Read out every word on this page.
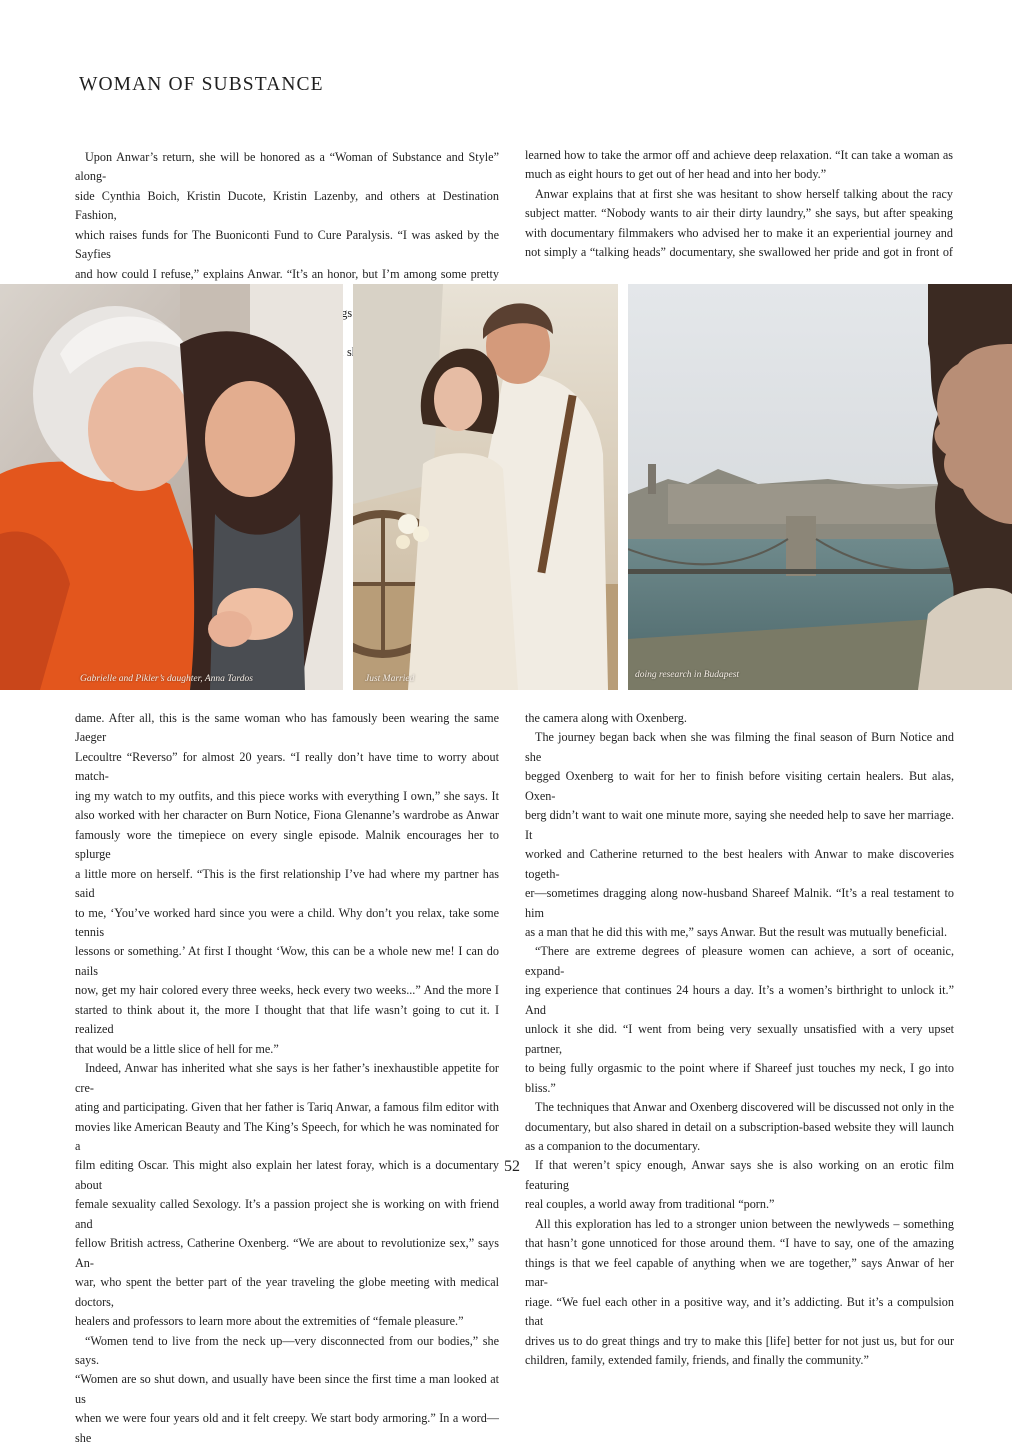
WOMAN OF SUBSTANCE

Upon Anwar’s return, she will be honored as a “Woman of Substance and Style” along-

side Cynthia Boich, Kristin Ducote, Kristin Lazenby, and others at Destination Fashion,

which raises funds for The Buoniconti Fund to Cure Paralysis. “I was asked by the Sayfies

and how could I refuse,” explains Anwar. “It’s an honor, but I’m among some pretty

learned how to take the armor off and achieve deep relaxation. “It can take a woman as

much as eight hours to get out of her head and into her body.”

Anwar explains that at first she was hesitant to show herself talking about the racy

subject matter. “Nobody wants to air their dirty laundry,” she says, but after speaking

with documentary filmmakers who advised her to make it an experiential journey and

not simply a “talking heads” documentary, she swallowed her pride and got in front of

Gabrielle and Pikler’s daughter, Anna Tardos	Just Married	doing research in Budapest

dame. After all, this is the same woman who has famously been wearing the same Jaeger

Lecoultre “Reverso” for almost 20 years. “I really don’t have time to worry about match-

ing my watch to my outfits, and this piece works with everything I own,” she says. It

also worked with her character on Burn Notice, Fiona Glenanne’s wardrobe as Anwar

famously wore the timepiece on every single episode. Malnik encourages her to splurge

a little more on herself. “This is the first relationship I’ve had where my partner has said

to me, ‘You’ve worked hard since you were a child. Why don’t you relax, take some tennis

lessons or something.’ At first I thought ‘Wow, this can be a whole new me! I can do nails

now, get my hair colored every three weeks, heck every two weeks...” And the more I

started to think about it, the more I thought that that life wasn’t going to cut it. I realized

that would be a little slice of hell for me.”

Indeed, Anwar has inherited what she says is her father’s inexhaustible appetite for cre-

ating and participating. Given that her father is Tariq Anwar, a famous film editor with

movies like American Beauty and The King’s Speech, for which he was nominated for a

film editing Oscar. This might also explain her latest foray, which is a documentary about

female sexuality called Sexology. It’s a passion project she is working on with friend and

fellow British actress, Catherine Oxenberg. “We are about to revolutionize sex,” says An-

war, who spent the better part of the year traveling the globe meeting with medical doctors,

healers and professors to learn more about the extremities of “female pleasure.”

“Women tend to live from the neck up—very disconnected from our bodies,” she says.

“Women are so shut down, and usually have been since the first time a man looked at us

when we were four years old and it felt creepy. We start body armoring.” In a word— she

the camera along with Oxenberg.

The journey began back when she was filming the final season of Burn Notice and she

begged Oxenberg to wait for her to finish before visiting certain healers. But alas, Oxen-

berg didn’t want to wait one minute more, saying she needed help to save her marriage. It

worked and Catherine returned to the best healers with Anwar to make discoveries togeth-

er—sometimes dragging along now-husband Shareef Malnik. “It’s a real testament to him

as a man that he did this with me,” says Anwar. But the result was mutually beneficial.

“There are extreme degrees of pleasure women can achieve, a sort of oceanic, expand-

ing experience that continues 24 hours a day. It’s a women’s birthright to unlock it.” And

unlock it she did. “I went from being very sexually unsatisfied with a very upset partner,

to being fully orgasmic to the point where if Shareef just touches my neck, I go into bliss.”

The techniques that Anwar and Oxenberg discovered will be discussed not only in the

documentary, but also shared in detail on a subscription-based website they will launch

as a companion to the documentary.

If that weren’t spicy enough, Anwar says she is also working on an erotic film featuring

real couples, a world away from traditional “porn.”

All this exploration has led to a stronger union between the newlyweds – something

that hasn’t gone unnoticed for those around them. “I have to say, one of the amazing

things is that we feel capable of anything when we are together,” says Anwar of her mar-

riage. “We fuel each other in a positive way, and it’s addicting. But it’s a compulsion that

drives us to do great things and try to make this [life] better for not just us, but for our

children, family, extended family, friends, and finally the community.”

52
